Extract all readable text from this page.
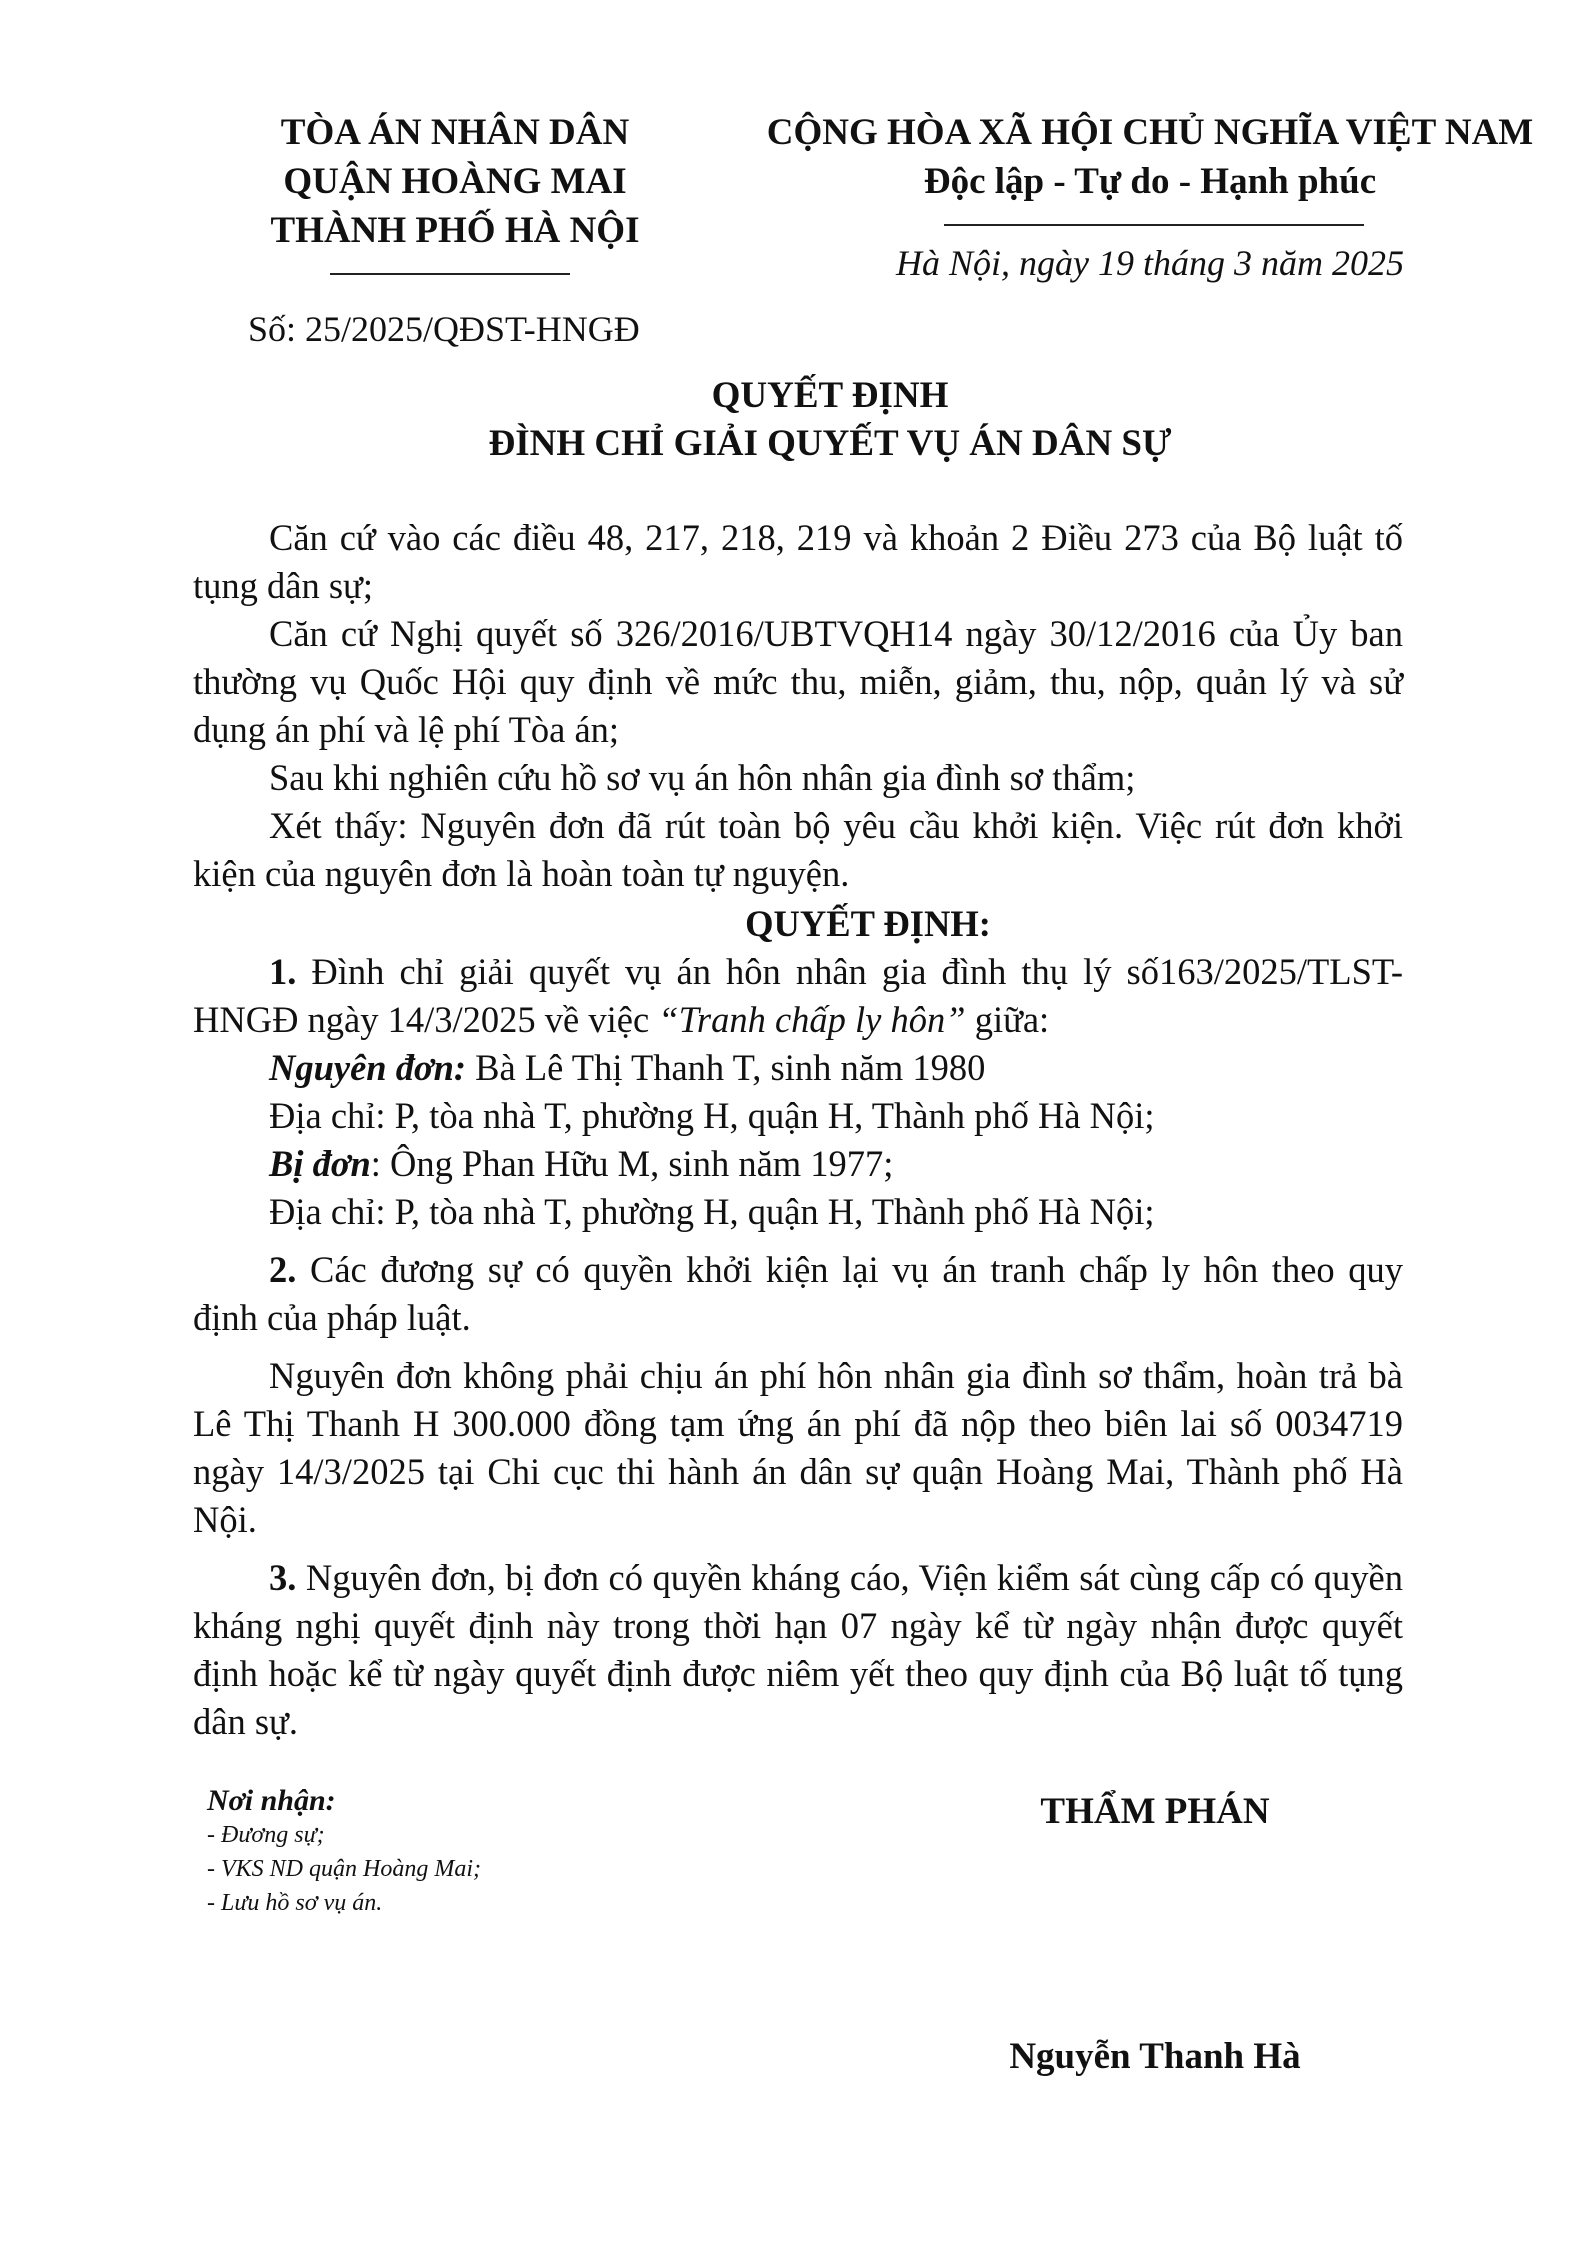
TÒA ÁN NHÂN DÂN
QUẬN HOÀNG MAI
THÀNH PHỐ HÀ NỘI
Số: 25/2025/QĐST-HNGĐ
CỘNG HÒA XÃ HỘI CHỦ NGHĨA VIỆT NAM
Độc lập - Tự do - Hạnh phúc
Hà Nội, ngày 19 tháng 3 năm 2025
QUYẾT ĐỊNH
ĐÌNH CHỈ GIẢI QUYẾT VỤ ÁN DÂN SỰ

Căn cứ vào các điều 48, 217, 218, 219 và khoản 2 Điều 273 của Bộ luật tố tụng dân sự;

Căn cứ Nghị quyết số 326/2016/UBTVQH14 ngày 30/12/2016 của Ủy ban thường vụ Quốc Hội quy định về mức thu, miễn, giảm, thu, nộp, quản lý và sử dụng án phí và lệ phí Tòa án;

Sau khi nghiên cứu hồ sơ vụ án hôn nhân gia đình sơ thẩm;

Xét thấy: Nguyên đơn đã rút toàn bộ yêu cầu khởi kiện. Việc rút đơn khởi kiện của nguyên đơn là hoàn toàn tự nguyện.

QUYẾT ĐỊNH:

1. Đình chỉ giải quyết vụ án hôn nhân gia đình thụ lý số163/2025/TLST-HNGĐ ngày 14/3/2025 về việc “Tranh chấp ly hôn” giữa:

Nguyên đơn: Bà Lê Thị Thanh T, sinh năm 1980

Địa chỉ: P, tòa nhà T, phường H, quận H, Thành phố Hà Nội;

Bị đơn: Ông Phan Hữu M, sinh năm 1977;

Địa chỉ: P, tòa nhà T, phường H, quận H, Thành phố Hà Nội;

2. Các đương sự có quyền khởi kiện lại vụ án tranh chấp ly hôn theo quy định của pháp luật.

Nguyên đơn không phải chịu án phí hôn nhân gia đình sơ thẩm, hoàn trả bà Lê Thị Thanh H 300.000 đồng tạm ứng án phí đã nộp theo biên lai số 0034719 ngày 14/3/2025 tại Chi cục thi hành án dân sự quận Hoàng Mai, Thành phố Hà Nội.

3. Nguyên đơn, bị đơn có quyền kháng cáo, Viện kiểm sát cùng cấp có quyền kháng nghị quyết định này trong thời hạn 07 ngày kể từ ngày nhận được quyết định hoặc kể từ ngày quyết định được niêm yết theo quy định của Bộ luật tố tụng dân sự.

Nơi nhận:
- Đương sự;
- VKS ND quận Hoàng Mai;
- Lưu hồ sơ vụ án.
THẨM PHÁN
Nguyễn Thanh Hà
